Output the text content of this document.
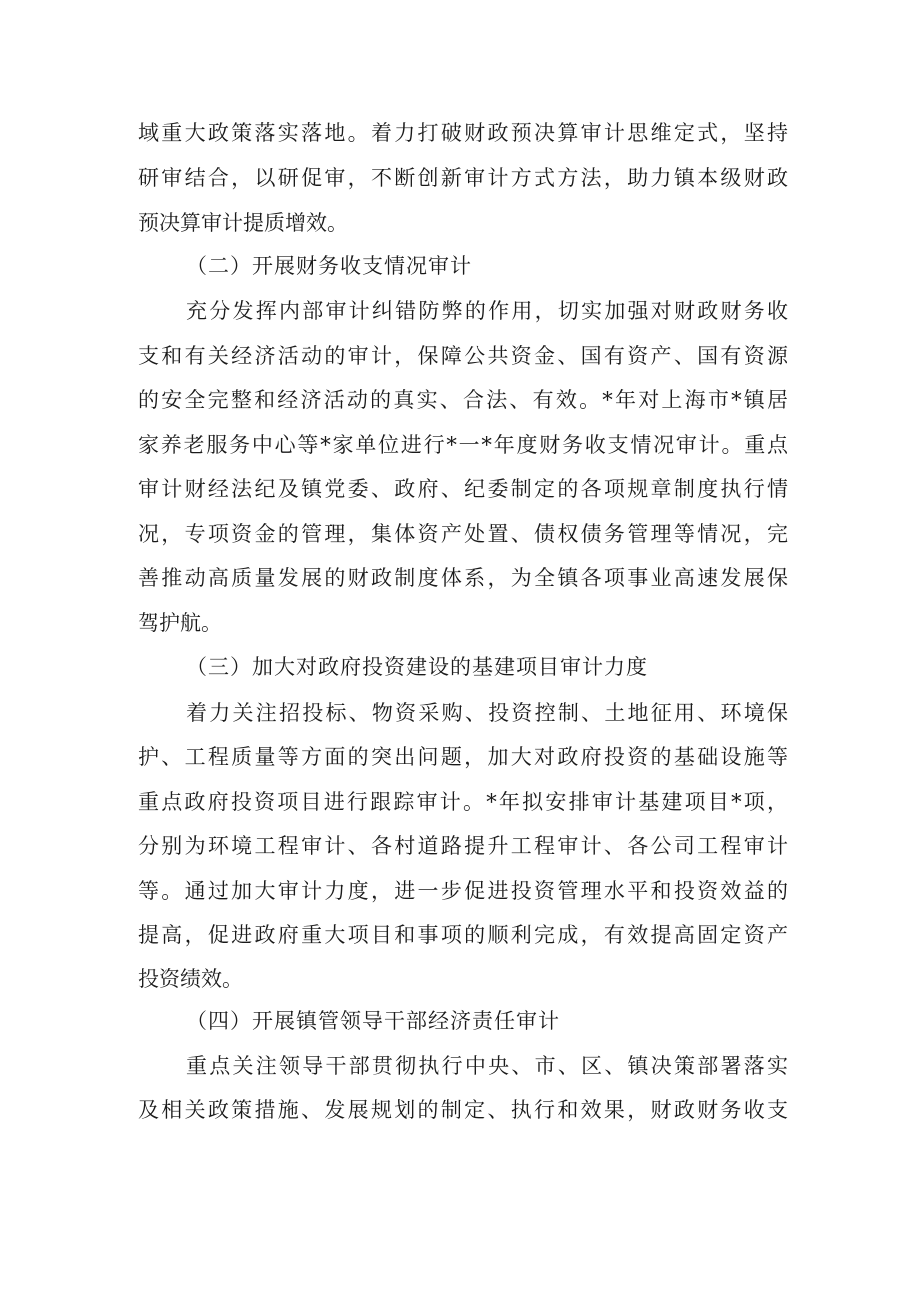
域重大政策落实落地。着力打破财政预决算审计思维定式，坚持
研审结合，以研促审，不断创新审计方式方法，助力镇本级财政
预决算审计提质增效。
（二）开展财务收支情况审计
充分发挥内部审计纠错防弊的作用，切实加强对财政财务收
支和有关经济活动的审计，保障公共资金、国有资产、国有资源
的安全完整和经济活动的真实、合法、有效。*年对上海市*镇居
家养老服务中心等*家单位进行*一*年度财务收支情况审计。重点
审计财经法纪及镇党委、政府、纪委制定的各项规章制度执行情
况，专项资金的管理，集体资产处置、债权债务管理等情况，完
善推动高质量发展的财政制度体系，为全镇各项事业高速发展保
驾护航。
（三）加大对政府投资建设的基建项目审计力度
着力关注招投标、物资采购、投资控制、土地征用、环境保
护、工程质量等方面的突出问题，加大对政府投资的基础设施等
重点政府投资项目进行跟踪审计。*年拟安排审计基建项目*项，
分别为环境工程审计、各村道路提升工程审计、各公司工程审计
等。通过加大审计力度，进一步促进投资管理水平和投资效益的
提高，促进政府重大项目和事项的顺利完成，有效提高固定资产
投资绩效。
（四）开展镇管领导干部经济责任审计
重点关注领导干部贯彻执行中央、市、区、镇决策部署落实
及相关政策措施、发展规划的制定、执行和效果，财政财务收支
